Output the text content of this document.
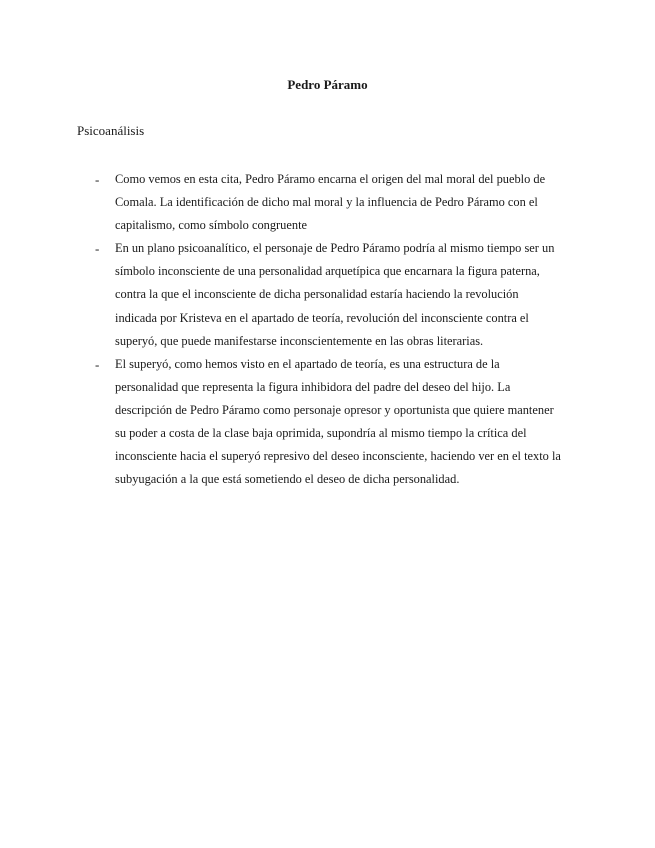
Pedro Páramo
Psicoanálisis
- Como vemos en esta cita, Pedro Páramo encarna el origen del mal moral del pueblo de
Comala. La identificación de dicho mal moral y la influencia de Pedro Páramo con el
capitalismo, como símbolo congruente

- En un plano psicoanalítico, el personaje de Pedro Páramo podría al mismo tiempo ser un
símbolo inconsciente de una personalidad arquetípica que encarnara la figura paterna,
contra la que el inconsciente de dicha personalidad estaría haciendo la revolución
indicada por Kristeva en el apartado de teoría, revolución del inconsciente contra el
superyó, que puede manifestarse inconscientemente en las obras literarias.

- El superyó, como hemos visto en el apartado de teoría, es una estructura de la
personalidad que representa la figura inhibidora del padre del deseo del hijo. La
descripción de Pedro Páramo como personaje opresor y oportunista que quiere mantener
su poder a costa de la clase baja oprimida, supondría al mismo tiempo la crítica del
inconsciente hacia el superyó represivo del deseo inconsciente, haciendo ver en el texto la
subyugación a la que está sometiendo el deseo de dicha personalidad.
